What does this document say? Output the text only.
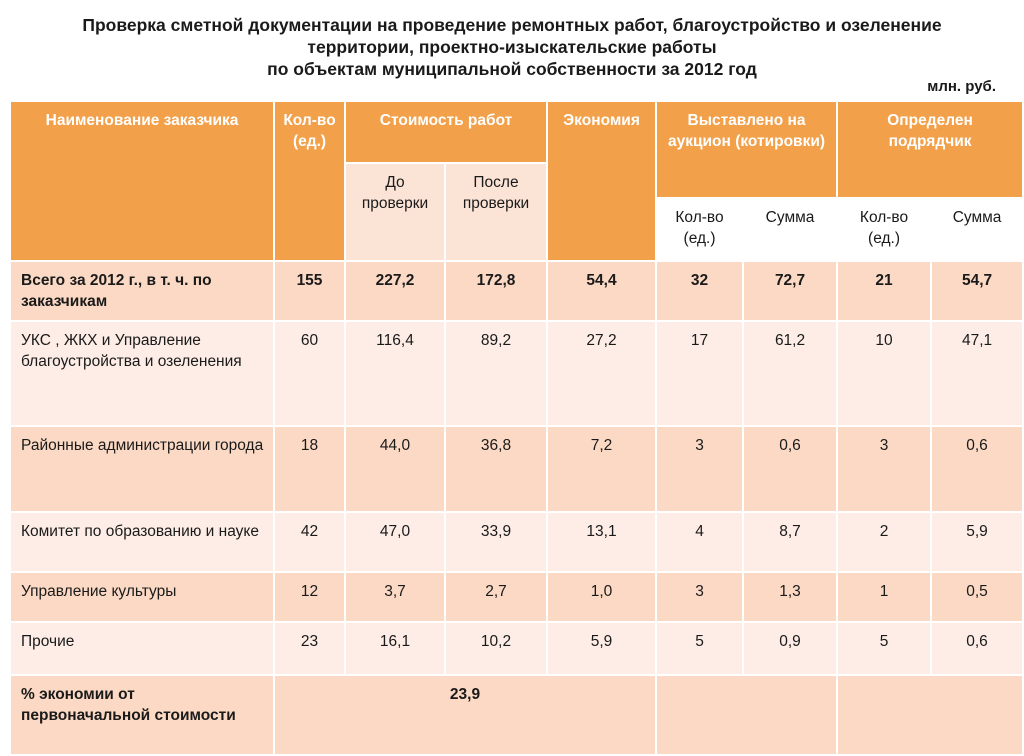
Проверка сметной документации на проведение ремонтных работ, благоустройство и озеленение
территории, проектно-изыскательские работы
по объектам муниципальной собственности за 2012 год
млн. руб.
Наименование заказчика	Кол-во (ед.)	Стоимость работ		Экономия	Выставлено на аукцион (котировки)		Определен подрядчик	
		До проверки	После проверки					
					Кол-во (ед.)	Сумма	Кол-во (ед.)	Сумма
Всего за 2012 г., в т. ч. по заказчикам	155	227,2	172,8	54,4	32	72,7	21	54,7
УКС , ЖКХ и Управление благоустройства и озеленения	60	116,4	89,2	27,2	17	61,2	10	47,1
Районные администрации города	18	44,0	36,8	7,2	3	0,6	3	0,6
Комитет по образованию и науке	42	47,0	33,9	13,1	4	8,7	2	5,9
Управление культуры	12	3,7	2,7	1,0	3	1,3	1	0,5
Прочие	23	16,1	10,2	5,9	5	0,9	5	0,6
% экономии от первоначальной стоимости	23,9							
